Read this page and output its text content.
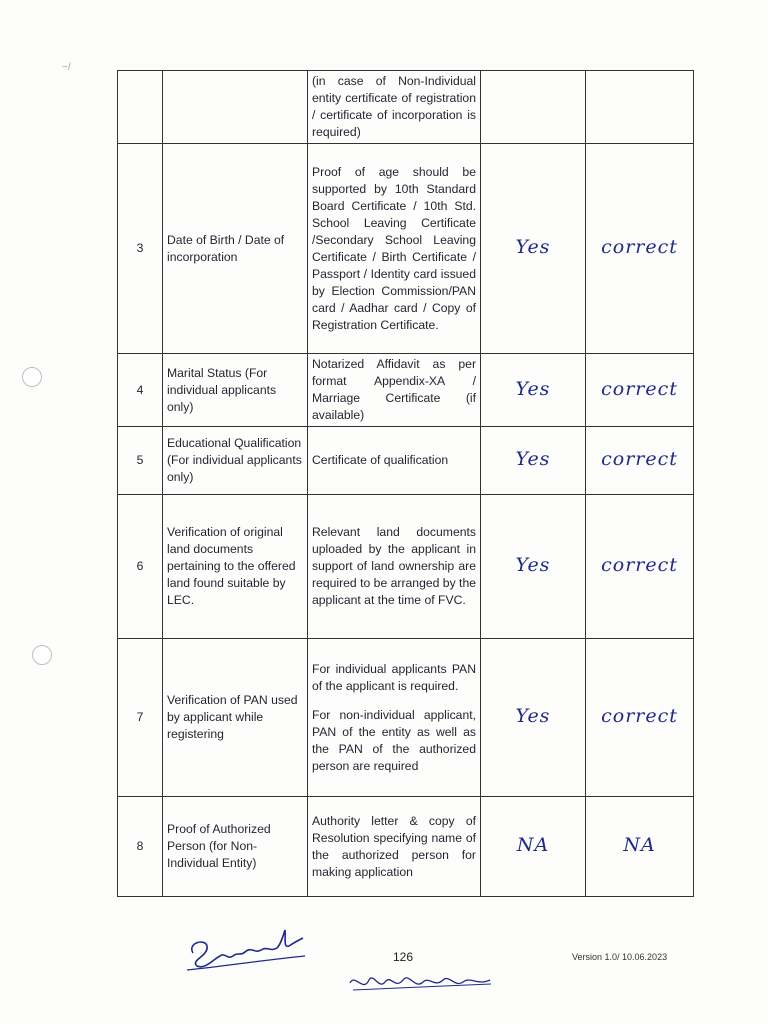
~/

		(in case of Non-Individual entity certificate of registration / certificate of incorporation is required)		

3	Date of Birth / Date of incorporation	Proof of age should be supported by 10th Standard Board Certificate / 10th Std. School Leaving Certificate /Secondary School Leaving Certificate / Birth Certificate / Passport / Identity card issued by Election Commission/PAN card / Aadhar card / Copy of Registration Certificate.	Yes	correct
4	Marital Status (For individual applicants only)	Notarized Affidavit as per format Appendix-XA / Marriage Certificate (if available)	Yes	correct
5	Educational Qualification (For individual applicants only)	Certificate of qualification	Yes	correct
6	Verification of original land documents pertaining to the offered land found suitable by LEC.	Relevant land documents uploaded by the applicant in support of land ownership are required to be arranged by the applicant at the time of FVC.	Yes	correct
7	Verification of PAN used by applicant while registering	For individual applicants PAN of the applicant is required.
For non-individual applicant, PAN of the entity as well as the PAN of the authorized person are required	Yes	correct
8	Proof of Authorized Person (for Non-Individual Entity)	Authority letter & copy of Resolution specifying name of the authorized person for making application	NA	NA
126	Version 1.0/ 10.06.2023
